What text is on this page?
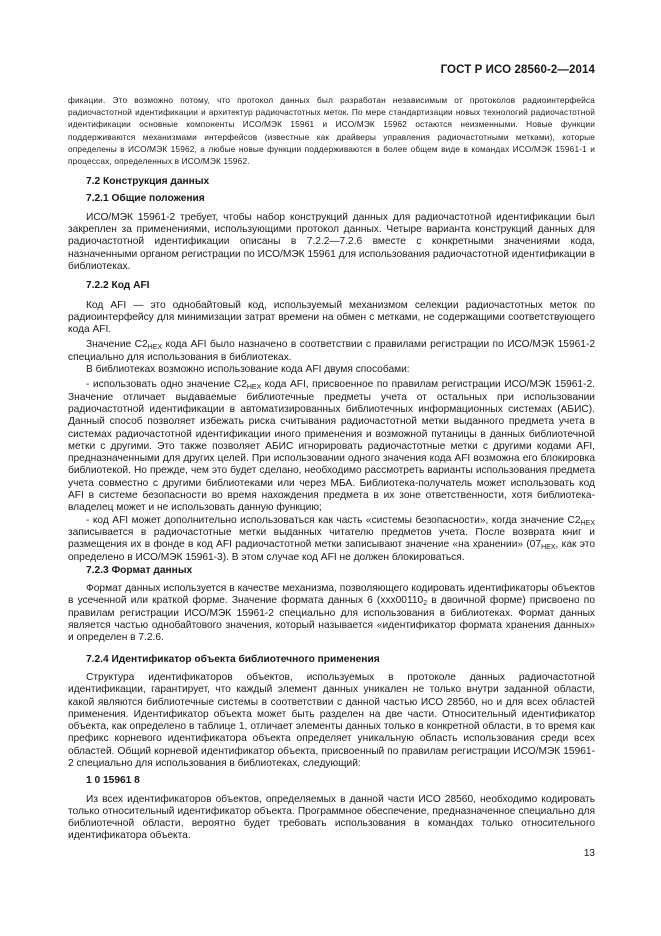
ГОСТ Р ИСО 28560-2—2014

фикации. Это возможно потому, что протокол данных был разработан независимым от протоколов радиоинтерфейса радиочастотной идентификации и архитектур радиочастотных меток. По мере стандартизации новых технологий радиочастотной идентификации основные компоненты ИСО/МЭК 15961 и ИСО/МЭК 15962 остаются неизменными. Новые функции поддерживаются механизмами интерфейсов (известные как драйверы управления радиочастотными метками), которые определены в ИСО/МЭК 15962, а любые новые функции поддерживаются в более общем виде в командах ИСО/МЭК 15961-1 и процессах, определенных в ИСО/МЭК 15962.

7.2 Конструкция данных

7.2.1 Общие положения

ИСО/МЭК 15961-2 требует, чтобы набор конструкций данных для радиочастотной идентификации был закреплен за применениями, использующими протокол данных. Четыре варианта конструкций данных для радиочастотной идентификации описаны в 7.2.2—7.2.6 вместе с конкретными значениями кода, назначенными органом регистрации по ИСО/МЭК 15961 для использования радиочастотной идентификации в библиотеках.

7.2.2 Код AFI

Код AFI — это однобайтовый код, используемый механизмом селекции радиочастотных меток по радиоинтерфейсу для минимизации затрат времени на обмен с метками, не содержащими соответствующего кода AFI.

Значение $C2_{HEX}$ кода AFI было назначено в соответствии с правилами регистрации по ИСО/МЭК 15961-2 специально для использования в библиотеках.

В библиотеках возможно использование кода AFI двумя способами:

- использовать одно значение $C2_{HEX}$ кода AFI, присвоенное по правилам регистрации ИСО/МЭК 15961-2. Значение отличает выдаваемые библиотечные предметы учета от остальных при использовании радиочастотной идентификации в автоматизированных библиотечных информационных системах (АБИС). Данный способ позволяет избежать риска считывания радиочастотной метки выданного предмета учета в системах радиочастотной идентификации иного применения и возможной путаницы в данных библиотечной метки с другими. Это также позволяет АБИС игнорировать радиочастотные метки с другими кодами AFI, предназначенными для других целей. При использовании одного значения кода AFI возможна его блокировка библиотекой. Но прежде, чем это будет сделано, необходимо рассмотреть варианты использования предмета учета совместно с другими библиотеками или через МБА. Библиотека-получатель может использовать код AFI в системе безопасности во время нахождения предмета в их зоне ответственности, хотя библиотека-владелец может и не использовать данную функцию;

- код AFI может дополнительно использоваться как часть «системы безопасности», когда значение $C2_{HEX}$ записывается в радиочастотные метки выданных читателю предметов учета. После возврата книг и размещения их в фонде в код AFI радиочастотной метки записывают значение «на хранении» ($07_{HEX}$, как это определено в ИСО/МЭК 15961-3). В этом случае код AFI не должен блокироваться.

7.2.3 Формат данных

Формат данных используется в качестве механизма, позволяющего кодировать идентификаторы объектов в усеченной или краткой форме. Значение формата данных 6 ($xxx00110_2$ в двоичной форме) присвоено по правилам регистрации ИСО/МЭК 15961-2 специально для использования в библиотеках. Формат данных является частью однобайтового значения, который называется «идентификатор формата хранения данных» и определен в 7.2.6.

7.2.4 Идентификатор объекта библиотечного применения

Структура идентификаторов объектов, используемых в протоколе данных радиочастотной идентификации, гарантирует, что каждый элемент данных уникален не только внутри заданной области, какой являются библиотечные системы в соответствии с данной частью ИСО 28560, но и для всех областей применения. Идентификатор объекта может быть разделен на две части. Относительный идентификатор объекта, как определено в таблице 1, отличает элементы данных только в конкретной области, в то время как префикс корневого идентификатора объекта определяет уникальную область использования среди всех областей. Общий корневой идентификатор объекта, присвоенный по правилам регистрации ИСО/МЭК 15961-2 специально для использования в библиотеках, следующий:

1 0 15961 8

Из всех идентификаторов объектов, определяемых в данной части ИСО 28560, необходимо кодировать только относительный идентификатор объекта. Программное обеспечение, предназначенное специально для библиотечной области, вероятно будет требовать использования в командах только относительного идентификатора объекта.

13
